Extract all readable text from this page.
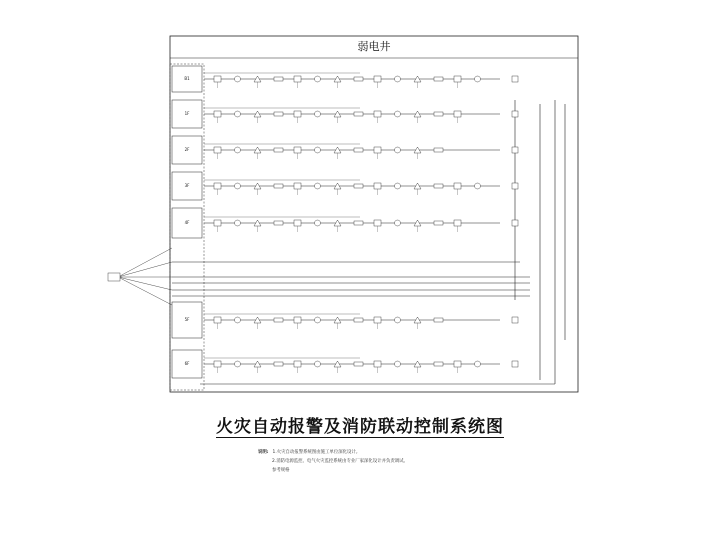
弱电井
B1
1F
2F
3F
4F
5F
6F
火灾自动报警及消防联动控制系统图
说明: 1.火灾自动报警系统图由施工单位深化设计。
2.消防电源监控、电气火灾监控系统由专业厂家深化设计并负责调试。
参考规格
